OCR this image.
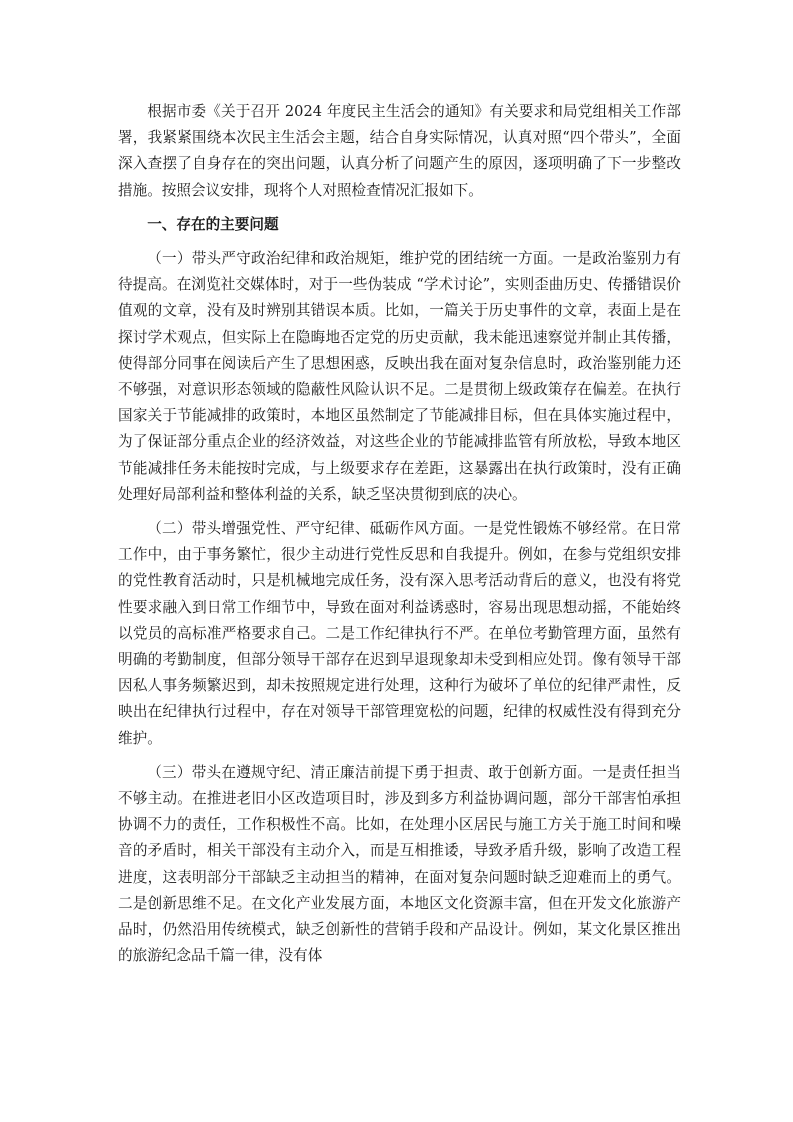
根据市委《关于召开 2024 年度民主生活会的通知》有关要求和局党组相关工作部署，我紧紧围绕本次民主生活会主题，结合自身实际情况，认真对照“四个带头”，全面深入查摆了自身存在的突出问题，认真分析了问题产生的原因，逐项明确了下一步整改措施。按照会议安排，现将个人对照检查情况汇报如下。

一、存在的主要问题

（一）带头严守政治纪律和政治规矩，维护党的团结统一方面。一是政治鉴别力有待提高。在浏览社交媒体时，对于一些伪装成 “学术讨论”，实则歪曲历史、传播错误价值观的文章，没有及时辨别其错误本质。比如，一篇关于历史事件的文章，表面上是在探讨学术观点，但实际上在隐晦地否定党的历史贡献，我未能迅速察觉并制止其传播，使得部分同事在阅读后产生了思想困惑，反映出我在面对复杂信息时，政治鉴别能力还不够强，对意识形态领域的隐蔽性风险认识不足。二是贯彻上级政策存在偏差。在执行国家关于节能减排的政策时，本地区虽然制定了节能减排目标，但在具体实施过程中，为了保证部分重点企业的经济效益，对这些企业的节能减排监管有所放松，导致本地区节能减排任务未能按时完成，与上级要求存在差距，这暴露出在执行政策时，没有正确处理好局部利益和整体利益的关系，缺乏坚决贯彻到底的决心。

（二）带头增强党性、严守纪律、砥砺作风方面。一是党性锻炼不够经常。在日常工作中，由于事务繁忙，很少主动进行党性反思和自我提升。例如，在参与党组织安排的党性教育活动时，只是机械地完成任务，没有深入思考活动背后的意义，也没有将党性要求融入到日常工作细节中，导致在面对利益诱惑时，容易出现思想动摇，不能始终以党员的高标准严格要求自己。二是工作纪律执行不严。在单位考勤管理方面，虽然有明确的考勤制度，但部分领导干部存在迟到早退现象却未受到相应处罚。像有领导干部因私人事务频繁迟到，却未按照规定进行处理，这种行为破坏了单位的纪律严肃性，反映出在纪律执行过程中，存在对领导干部管理宽松的问题，纪律的权威性没有得到充分维护。

（三）带头在遵规守纪、清正廉洁前提下勇于担责、敢于创新方面。一是责任担当不够主动。在推进老旧小区改造项目时，涉及到多方利益协调问题，部分干部害怕承担协调不力的责任，工作积极性不高。比如，在处理小区居民与施工方关于施工时间和噪音的矛盾时，相关干部没有主动介入，而是互相推诿，导致矛盾升级，影响了改造工程进度，这表明部分干部缺乏主动担当的精神，在面对复杂问题时缺乏迎难而上的勇气。二是创新思维不足。在文化产业发展方面，本地区文化资源丰富，但在开发文化旅游产品时，仍然沿用传统模式，缺乏创新性的营销手段和产品设计。例如，某文化景区推出的旅游纪念品千篇一律，没有体
